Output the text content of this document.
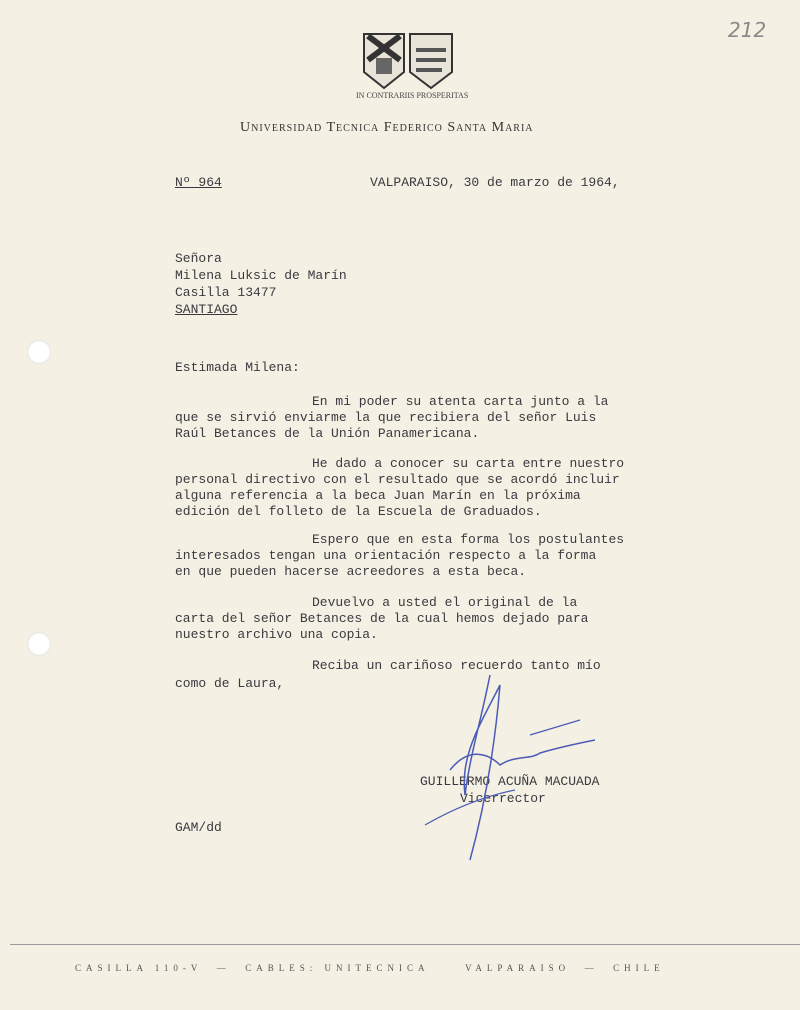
212
IN CONTRARIIS PROSPERITAS
Universidad Tecnica Federico Santa Maria
Nº 964	VALPARAISO, 30 de marzo de 1964,
Señora
Milena Luksic de Marín
Casilla 13477
SANTIAGO
Estimada Milena:
En mi poder su atenta carta junto a la
que se sirvió enviarme la que recibiera del señor Luis
Raúl Betances de la Unión Panamericana.
He dado a conocer su carta entre nuestro
personal directivo con el resultado que se acordó incluir
alguna referencia a la beca Juan Marín en la próxima
edición del folleto de la Escuela de Graduados.
Espero que en esta forma los postulantes
interesados tengan una orientación respecto a la forma
en que pueden hacerse acreedores a esta beca.
Devuelvo a usted el original de la
carta del señor Betances de la cual hemos dejado para
nuestro archivo una copia.
Reciba un cariñoso recuerdo tanto mío
como de Laura,
GUILLERMO ACUÑA MACUADA
Vicerrector
GAM/dd
CASILLA 110-V  —  CABLES: UNITECNICA     VALPARAISO  —  CHILE
